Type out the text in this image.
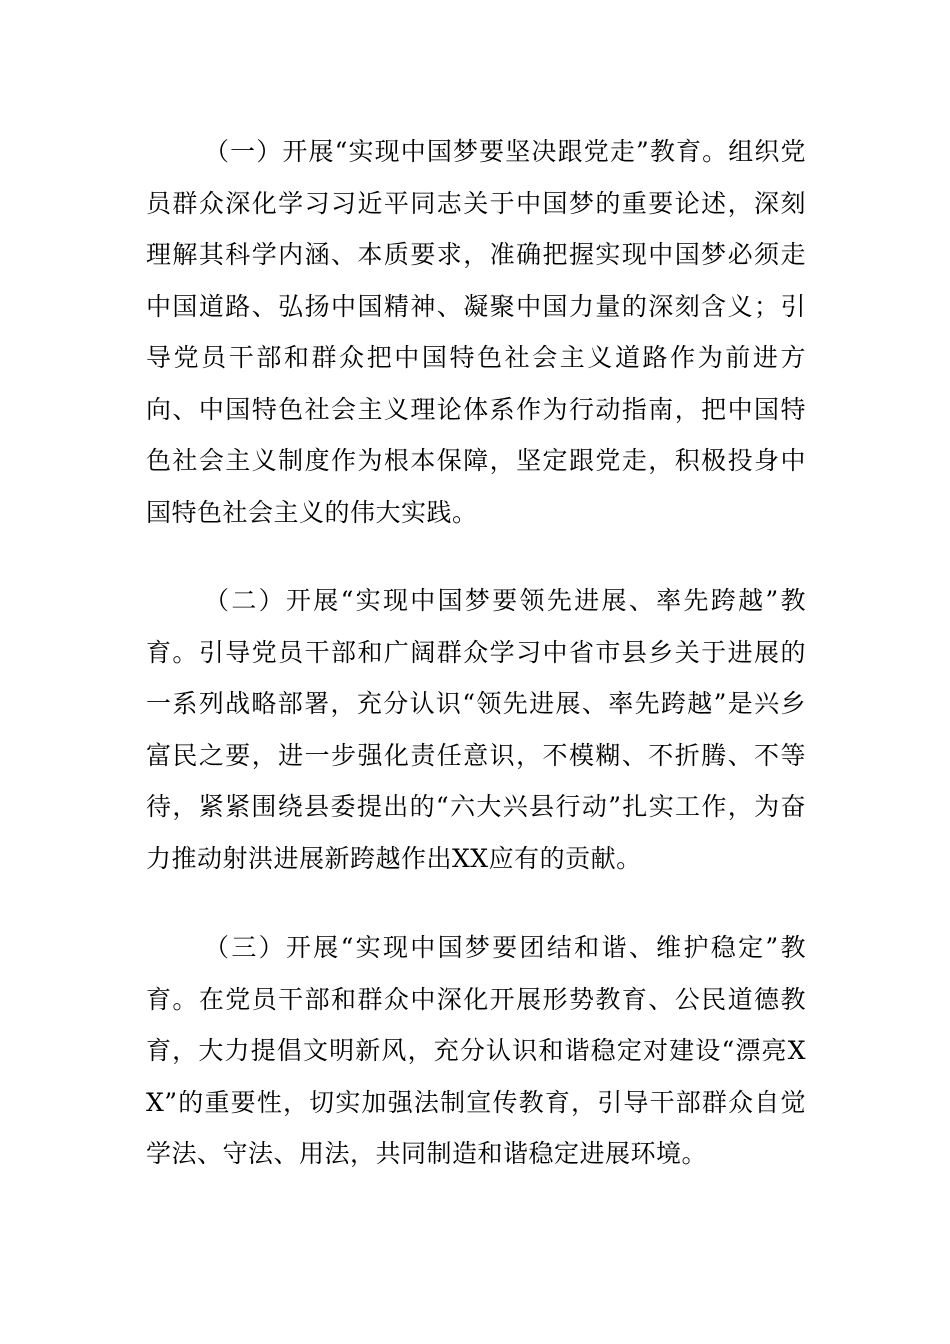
（一）开展“实现中国梦要坚决跟党走”教育。组织党员群众深化学习习近平同志关于中国梦的重要论述，深刻理解其科学内涵、本质要求，准确把握实现中国梦必须走中国道路、弘扬中国精神、凝聚中国力量的深刻含义；引导党员干部和群众把中国特色社会主义道路作为前进方向、中国特色社会主义理论体系作为行动指南，把中国特色社会主义制度作为根本保障，坚定跟党走，积极投身中国特色社会主义的伟大实践。

（二）开展“实现中国梦要领先进展、率先跨越”教育。引导党员干部和广阔群众学习中省市县乡关于进展的一系列战略部署，充分认识“领先进展、率先跨越”是兴乡富民之要，进一步强化责任意识，不模糊、不折腾、不等待，紧紧围绕县委提出的“六大兴县行动”扎实工作，为奋力推动射洪进展新跨越作出XX应有的贡献。

（三）开展“实现中国梦要团结和谐、维护稳定”教育。在党员干部和群众中深化开展形势教育、公民道德教育，大力提倡文明新风，充分认识和谐稳定对建设“漂亮XX”的重要性，切实加强法制宣传教育，引导干部群众自觉学法、守法、用法，共同制造和谐稳定进展环境。
